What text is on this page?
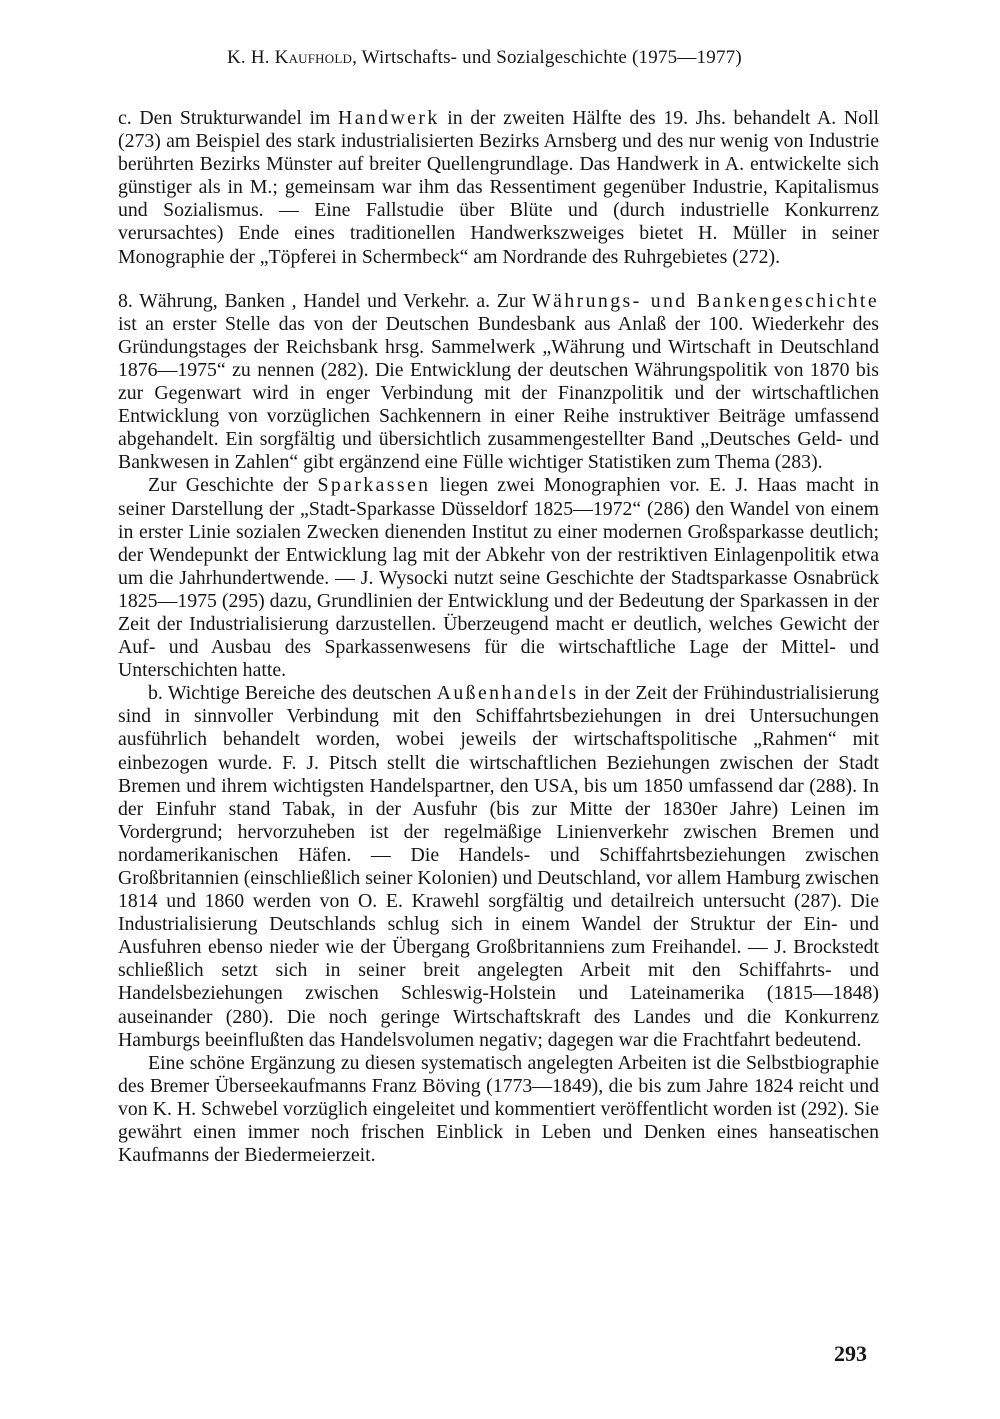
K. H. Kaufhold, Wirtschafts- und Sozialgeschichte (1975—1977)

c. Den Strukturwandel im Handwerk in der zweiten Hälfte des 19. Jhs. behandelt A. Noll (273) am Beispiel des stark industrialisierten Bezirks Arnsberg und des nur wenig von Industrie berührten Bezirks Münster auf breiter Quellengrundlage. Das Handwerk in A. entwickelte sich günstiger als in M.; gemeinsam war ihm das Ressentiment gegenüber Industrie, Kapitalismus und Sozialismus. — Eine Fallstudie über Blüte und (durch industrielle Konkurrenz verursachtes) Ende eines traditionellen Handwerkszweiges bietet H. Müller in seiner Monographie der „Töpferei in Schermbeck“ am Nordrande des Ruhrgebietes (272).

8. Währung, Banken , Handel und Verkehr. a. Zur Währungs- und Bankengeschichte ist an erster Stelle das von der Deutschen Bundesbank aus Anlaß der 100. Wiederkehr des Gründungstages der Reichsbank hrsg. Sammelwerk „Währung und Wirtschaft in Deutschland 1876—1975“ zu nennen (282). Die Entwicklung der deutschen Währungspolitik von 1870 bis zur Gegenwart wird in enger Verbindung mit der Finanzpolitik und der wirtschaftlichen Entwicklung von vorzüglichen Sachkennern in einer Reihe instruktiver Beiträge umfassend abgehandelt. Ein sorgfältig und übersichtlich zusammengestellter Band „Deutsches Geld- und Bankwesen in Zahlen“ gibt ergänzend eine Fülle wichtiger Statistiken zum Thema (283).

Zur Geschichte der Sparkassen liegen zwei Monographien vor. E. J. Haas macht in seiner Darstellung der „Stadt-Sparkasse Düsseldorf 1825—1972“ (286) den Wandel von einem in erster Linie sozialen Zwecken dienenden Institut zu einer modernen Großsparkasse deutlich; der Wendepunkt der Entwicklung lag mit der Abkehr von der restriktiven Einlagenpolitik etwa um die Jahrhundertwende. — J. Wysocki nutzt seine Geschichte der Stadtsparkasse Osnabrück 1825—1975 (295) dazu, Grundlinien der Entwicklung und der Bedeutung der Sparkassen in der Zeit der Industrialisierung darzustellen. Überzeugend macht er deutlich, welches Gewicht der Auf- und Ausbau des Sparkassenwesens für die wirtschaftliche Lage der Mittel- und Unterschichten hatte.

b. Wichtige Bereiche des deutschen Außenhandels in der Zeit der Frühindustrialisierung sind in sinnvoller Verbindung mit den Schiffahrtsbeziehungen in drei Untersuchungen ausführlich behandelt worden, wobei jeweils der wirtschaftspolitische „Rahmen“ mit einbezogen wurde. F. J. Pitsch stellt die wirtschaftlichen Beziehungen zwischen der Stadt Bremen und ihrem wichtigsten Handelspartner, den USA, bis um 1850 umfassend dar (288). In der Einfuhr stand Tabak, in der Ausfuhr (bis zur Mitte der 1830er Jahre) Leinen im Vordergrund; hervorzuheben ist der regelmäßige Linienverkehr zwischen Bremen und nordamerikanischen Häfen. — Die Handels- und Schiffahrtsbeziehungen zwischen Großbritannien (einschließlich seiner Kolonien) und Deutschland, vor allem Hamburg zwischen 1814 und 1860 werden von O. E. Krawehl sorgfältig und detailreich untersucht (287). Die Industrialisierung Deutschlands schlug sich in einem Wandel der Struktur der Ein- und Ausfuhren ebenso nieder wie der Übergang Großbritanniens zum Freihandel. — J. Brockstedt schließlich setzt sich in seiner breit angelegten Arbeit mit den Schiffahrts- und Handelsbeziehungen zwischen Schleswig-Holstein und Lateinamerika (1815—1848) auseinander (280). Die noch geringe Wirtschaftskraft des Landes und die Konkurrenz Hamburgs beeinflußten das Handelsvolumen negativ; dagegen war die Frachtfahrt bedeutend.

Eine schöne Ergänzung zu diesen systematisch angelegten Arbeiten ist die Selbstbiographie des Bremer Überseekaufmanns Franz Böving (1773—1849), die bis zum Jahre 1824 reicht und von K. H. Schwebel vorzüglich eingeleitet und kommentiert veröffentlicht worden ist (292). Sie gewährt einen immer noch frischen Einblick in Leben und Denken eines hanseatischen Kaufmanns der Biedermeierzeit.

293
